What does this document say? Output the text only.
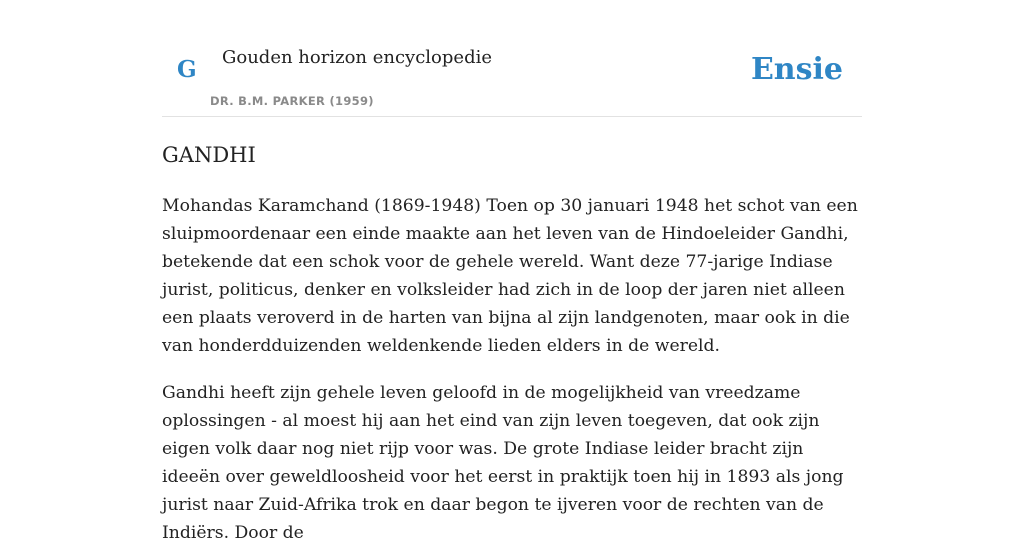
G Gouden horizon encyclopedie
DR. B.M. PARKER (1959)
Ensie
GANDHI

Mohandas Karamchand (1869-1948) Toen op 30 januari 1948 het schot van een sluipmoordenaar een einde maakte aan het leven van de Hindoeleider Gandhi, betekende dat een schok voor de gehele wereld. Want deze 77-jarige Indiase jurist, politicus, denker en volksleider had zich in de loop der jaren niet alleen een plaats veroverd in de harten van bijna al zijn landgenoten, maar ook in die van honderdduizenden weldenkende lieden elders in de wereld.

Gandhi heeft zijn gehele leven geloofd in de mogelijkheid van vreedzame oplossingen - al moest hij aan het eind van zijn leven toegeven, dat ook zijn eigen volk daar nog niet rijp voor was. De grote Indiase leider bracht zijn ideeën over geweldloosheid voor het eerst in praktijk toen hij in 1893 als jong jurist naar Zuid-Afrika trok en daar begon te ijveren voor de rechten van de Indiërs. Door de
